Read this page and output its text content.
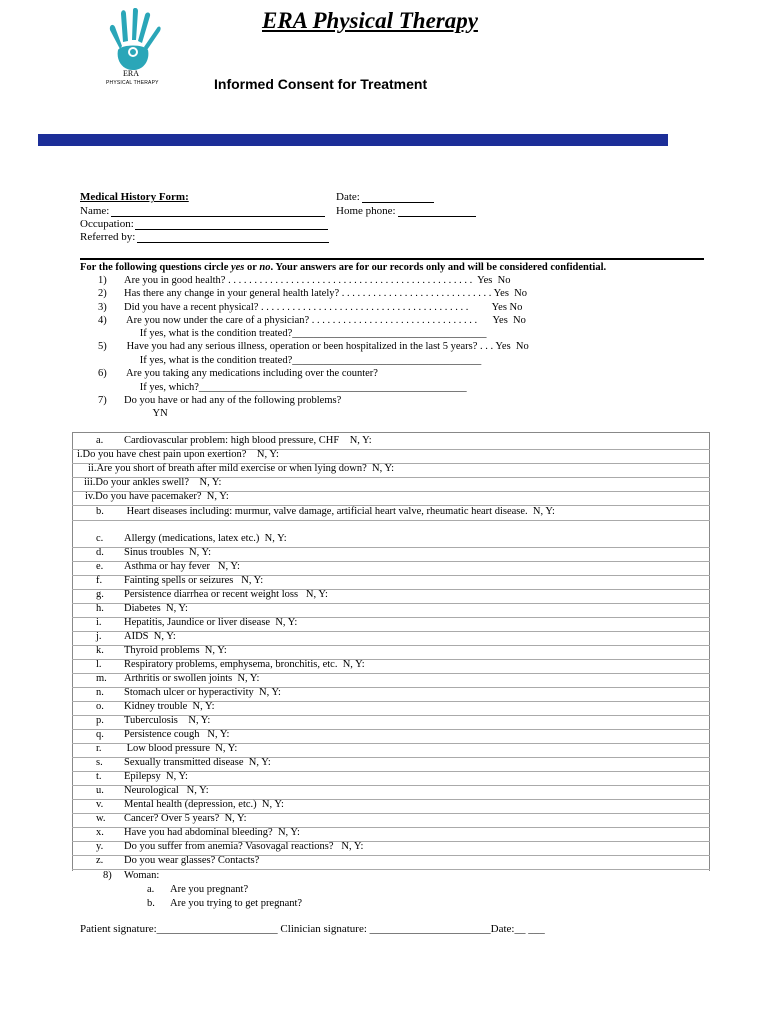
ERA
PHYSICAL THERAPY
ERA Physical Therapy
Informed Consent for Treatment
Medical History Form:
Name:
Occupation:
Referred by:
Date:
Home phone:
For the following questions circle yes or no. Your answers are for our records only and will be considered confidential.
1) Are you in good health? . . . . . . . . . . . . . . . . . . . . . . . . . . . . . . . . . . . . . . . . . . . . . . .  Yes  No
2) Has there any change in your general health lately? . . . . . . . . . . . . . . . . . . . . . . . . . . . . . Yes  No
3) Did you have a recent physical? . . . . . . . . . . . . . . . . . . . . . . . . . . . . . . . . . . . . . . . .         Yes No
4) Are you now under the care of a physician? . . . . . . . . . . . . . . . . . . . . . . . . . . . . . . . .      Yes  No
If yes, what is the condition treated?_____________________________________
5) Have you had any serious illness, operation or been hospitalized in the last 5 years? . . . Yes  No
If yes, what is the condition treated?____________________________________
6) Are you taking any medications including over the counter?
If yes, which?___________________________________________________
7) Do you have or had any of the following problems?
YN
a. Cardiovascular problem: high blood pressure, CHF    N, Y:
i.Do you have chest pain upon exertion?    N, Y:
ii.Are you short of breath after mild exercise or when lying down?  N, Y:
iii.Do your ankles swell?    N, Y:
iv.Do you have pacemaker?  N, Y:
b. Heart diseases including: murmur, valve damage, artificial heart valve, rheumatic heart disease.  N, Y:
c. Allergy (medications, latex etc.)  N, Y:
d. Sinus troubles  N, Y:
e. Asthma or hay fever   N, Y:
f. Fainting spells or seizures   N, Y:
g. Persistence diarrhea or recent weight loss   N, Y:
h. Diabetes  N, Y:
i. Hepatitis, Jaundice or liver disease  N, Y:
j. AIDS  N, Y:
k. Thyroid problems  N, Y:
l. Respiratory problems, emphysema, bronchitis, etc.  N, Y:
m. Arthritis or swollen joints  N, Y:
n. Stomach ulcer or hyperactivity  N, Y:
o. Kidney trouble  N, Y:
p. Tuberculosis    N, Y:
q. Persistence cough   N, Y:
r. Low blood pressure  N, Y:
s. Sexually transmitted disease  N, Y:
t. Epilepsy  N, Y:
u. Neurological   N, Y:
v. Mental health (depression, etc.)  N, Y:
w. Cancer? Over 5 years?  N, Y:
x. Have you had abdominal bleeding?  N, Y:
y. Do you suffer from anemia? Vasovagal reactions?   N, Y:
z. Do you wear glasses? Contacts?
8) Woman:
a. Are you pregnant?
b. Are you trying to get pregnant?
Patient signature:______________________ Clinician signature: ______________________Date:__ ___
